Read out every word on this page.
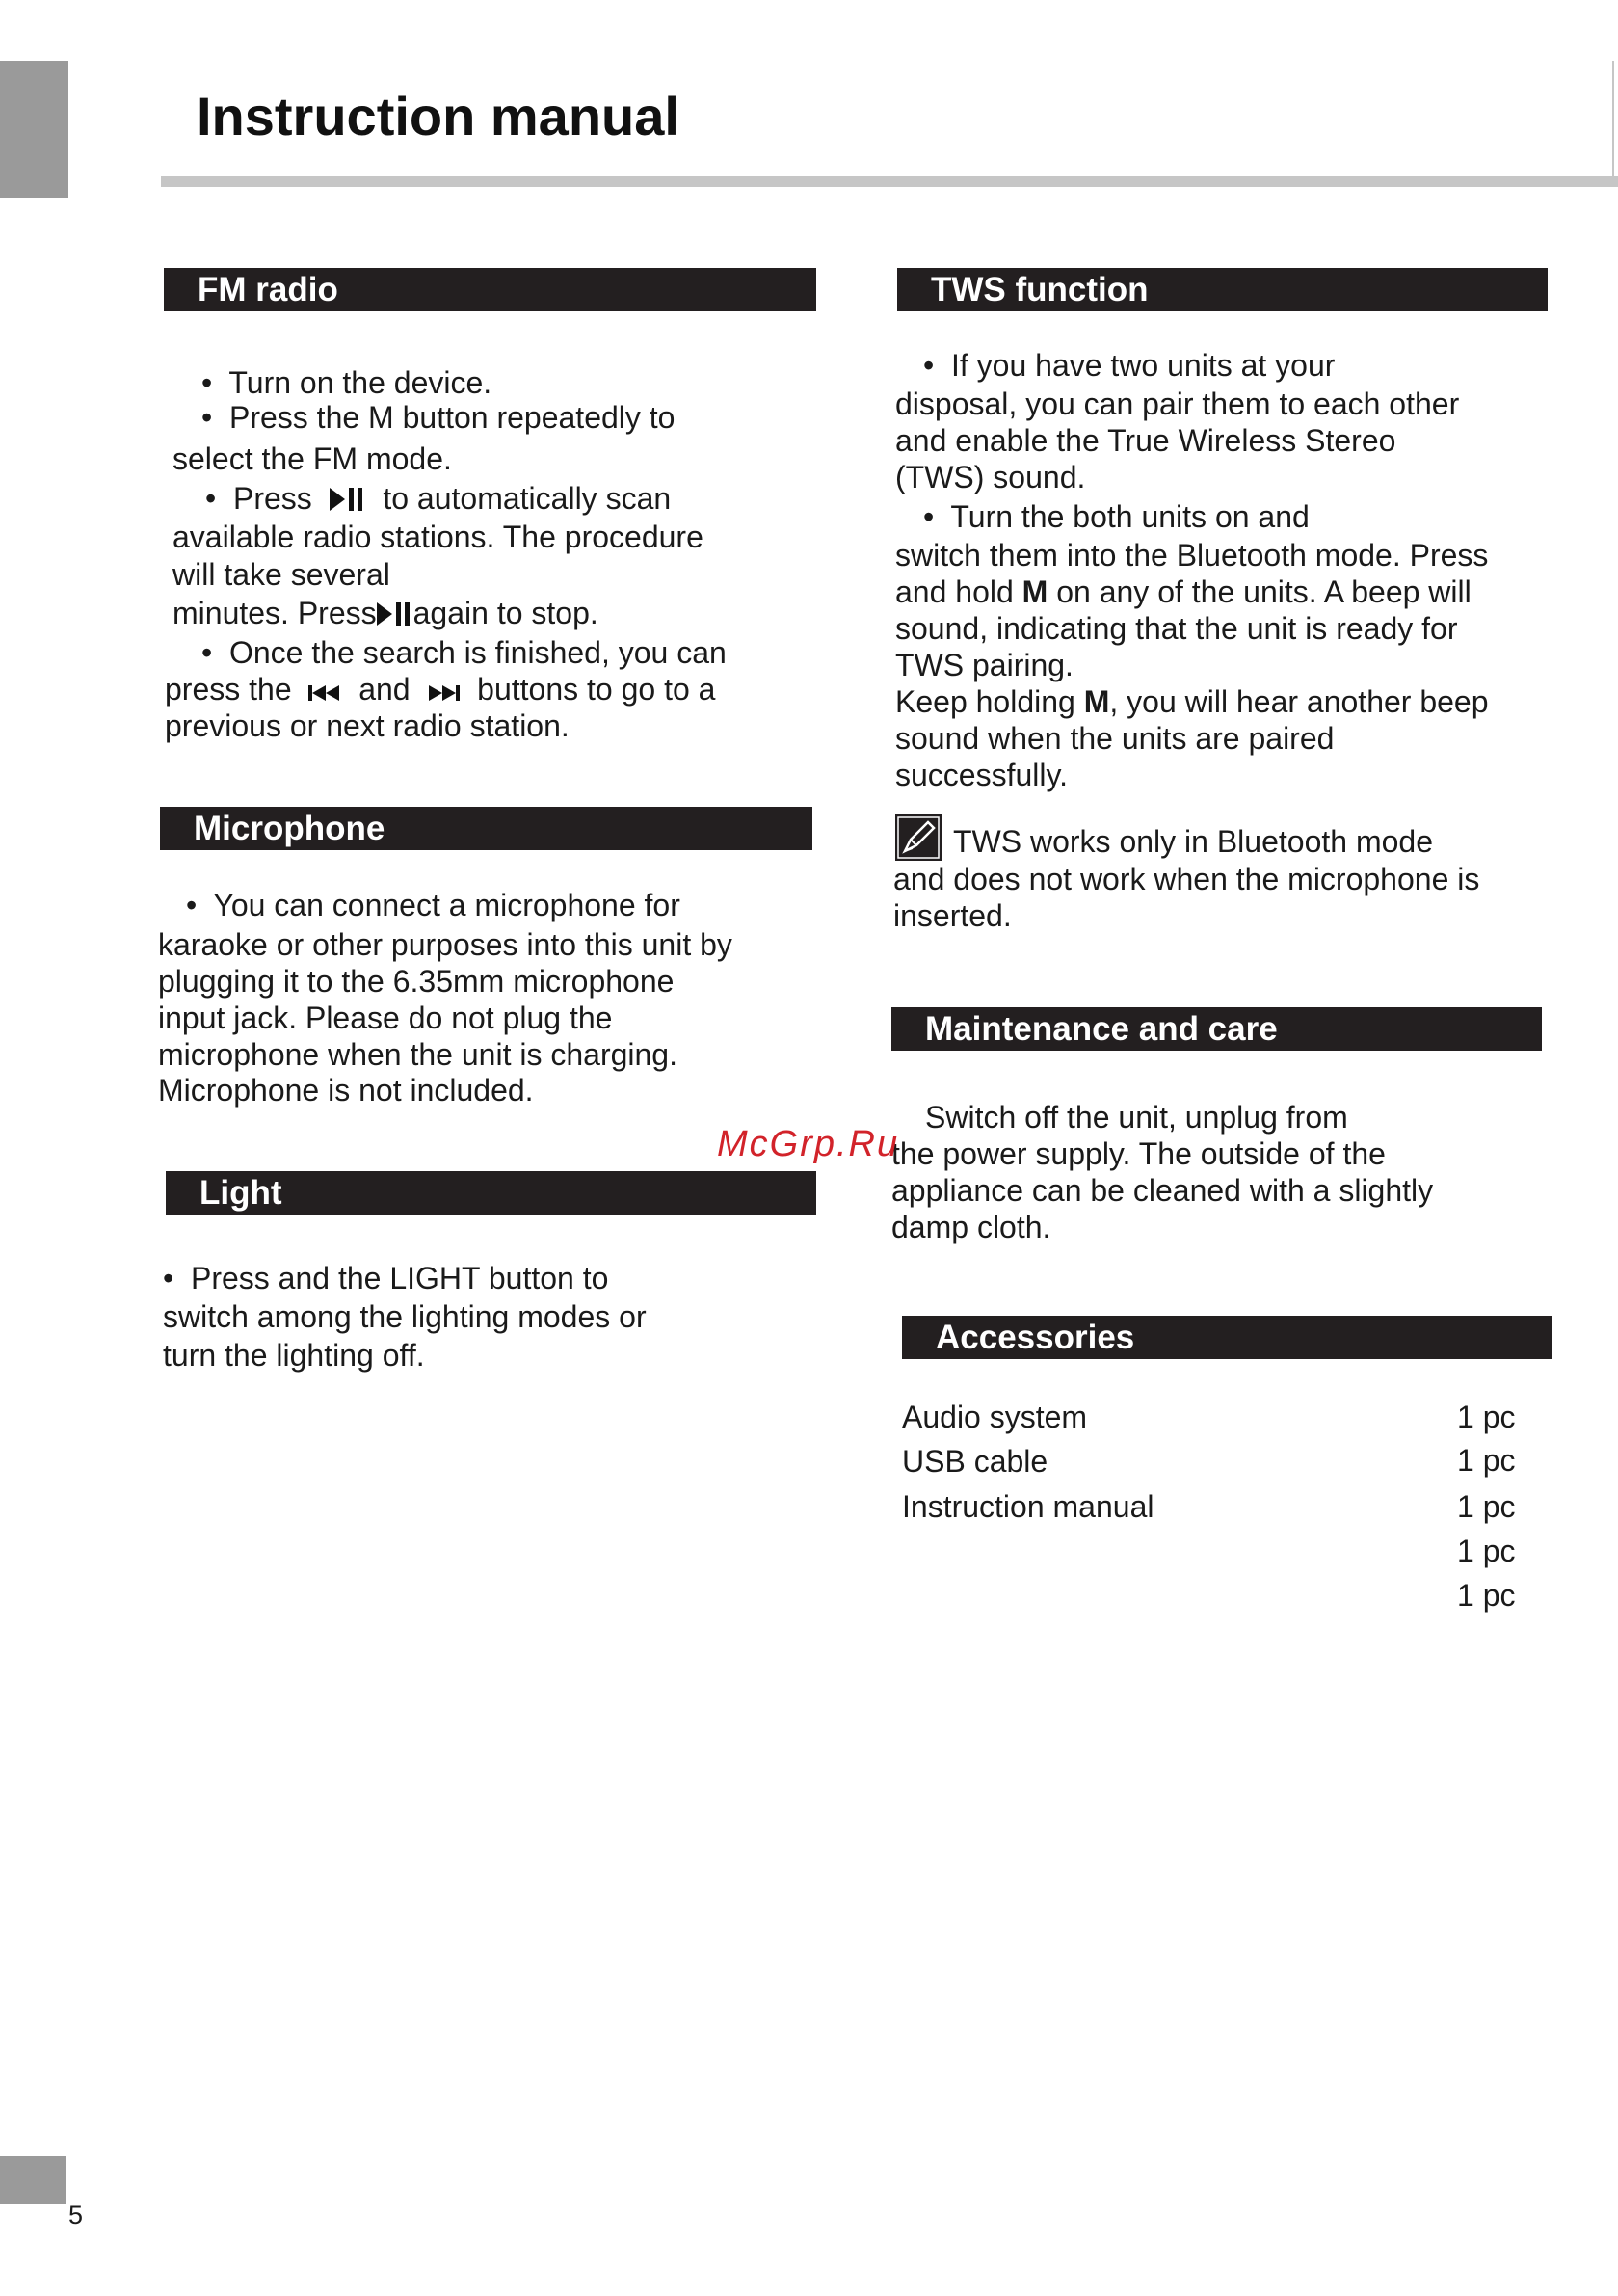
Instruction manual
FM radio
•  Turn on the device.
•  Press the M button repeatedly to
select the FM mode.
•  Press to automatically scan
available radio stations. The procedure
will take several
minutes. Press again to stop.
•  Once the search is finished, you can
press the and buttons to go to a
previous or next radio station.
Microphone
•  You can connect a microphone for
karaoke or other purposes into this unit by
plugging it to the 6.35mm microphone
input jack. Please do not plug the
microphone when the unit is charging.
Microphone is not included.
Light
•  Press and the LIGHT button to
switch among the lighting modes or
turn the lighting off.
TWS function
•  If you have two units at your
disposal, you can pair them to each other
and enable the True Wireless Stereo
(TWS) sound.
•  Turn the both units on and
switch them into the Bluetooth mode. Press
and hold M on any of the units. A beep will
sound, indicating that the unit is ready for
TWS pairing.
Keep holding M, you will hear another beep
sound when the units are paired
successfully.
TWS works only in Bluetooth mode
and does not work when the microphone is
inserted.
Maintenance and care
Switch off the unit, unplug from
the power supply. The outside of the
appliance can be cleaned with a slightly
damp cloth.
McGrp.Ru
Accessories
Audio system
USB cable
Instruction manual
1 pc
1 pc
1 pc
1 pc
1 pc
5
